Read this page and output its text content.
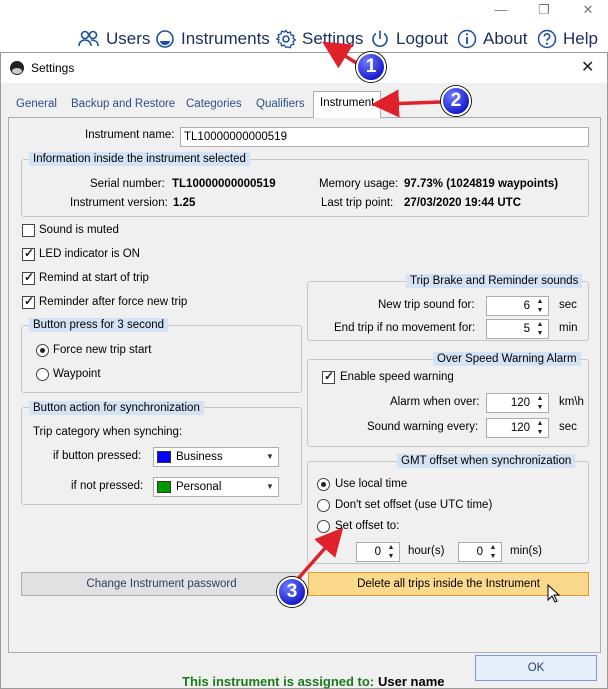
—	❐	✕
Users Instruments Settings Logout About Help
Settings	✕
General	Backup and Restore Categories	Qualifiers
Instrument name: TL10000000000519
Information inside the instrument selected
Serial number: TL10000000000519
Instrument version: 1.25
Memory usage: 97.73% (1024819 waypoints)
Last trip point: 27/03/2020 19:44 UTC
Sound is muted
✓
LED indicator is ON
✓
Remind at start of trip
✓
Reminder after force new trip
Button press for 3 second
Force new trip start
Waypoint
Button action for synchronization
Trip category when synching:
if button pressed:	Business	▼
if not pressed:	Personal	▼
Trip Brake and Reminder sounds
New trip sound for:	6 ▲
▼ sec
End trip if no movement for:	5 ▲
▼ min
Over Speed Warning Alarm
✓
Enable speed warning
Alarm when over:	120 ▲
▼ km\h
Sound warning every:	120 ▲
▼ sec
GMT offset when synchronization
Use local time
Don't set offset (use UTC time)
Set offset to:
0 ▲
▼ hour(s)	0 ▲
▼ min(s)
Change Instrument password	Delete all trips inside the Instrument
This instrument is assigned to: User name
Instrument
OK
1
2
3
